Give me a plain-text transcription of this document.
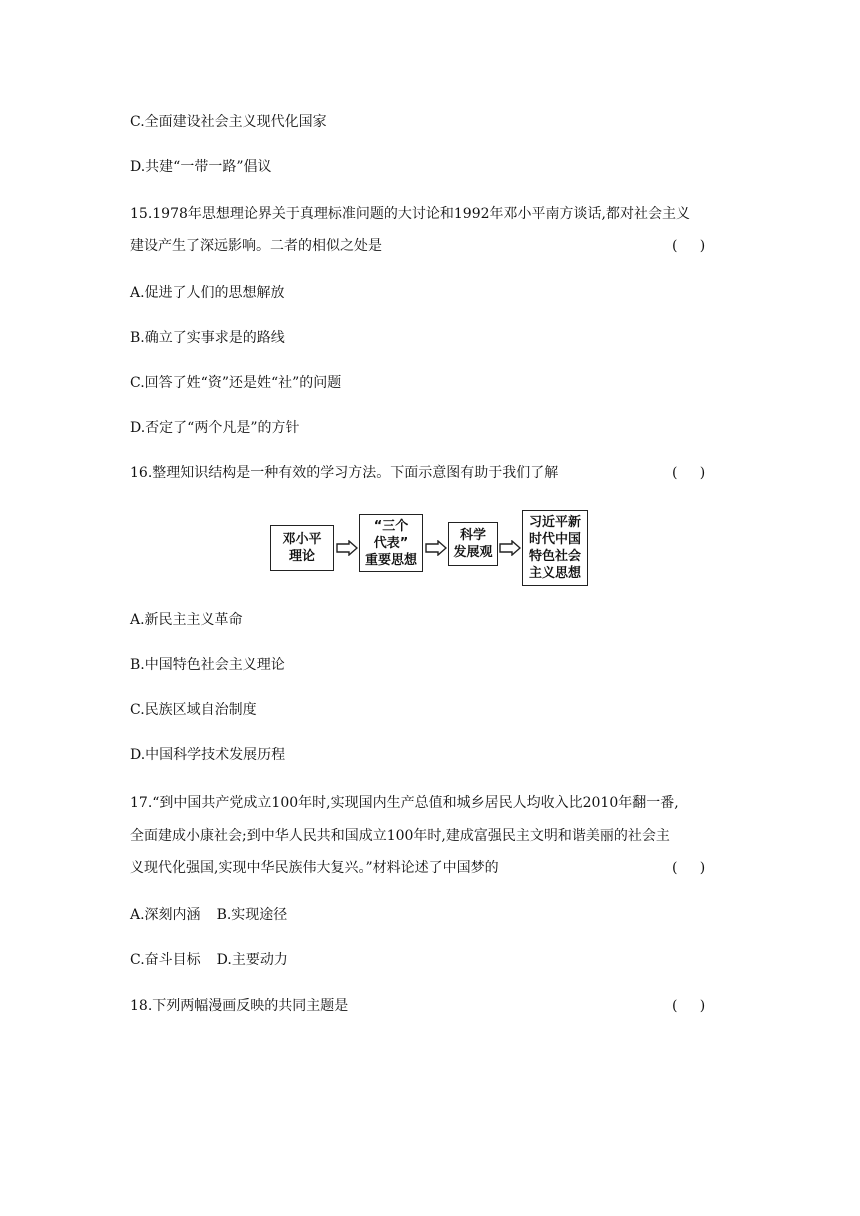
C.全面建设社会主义现代化国家
D.共建“一带一路”倡议
15.1978年思想理论界关于真理标准问题的大讨论和1992年邓小平南方谈话,都对社会主义
建设产生了深远影响。二者的相似之处是	(     )
A.促进了人们的思想解放
B.确立了实事求是的路线
C.回答了姓“资”还是姓“社”的问题
D.否定了“两个凡是”的方针
16.整理知识结构是一种有效的学习方法。下面示意图有助于我们了解	(     )
邓小平
理论
“三个
代表”
重要思想
科学
发展观
习近平新
时代中国
特色社会
主义思想
A.新民主主义革命
B.中国特色社会主义理论
C.民族区域自治制度
D.中国科学技术发展历程
17.“到中国共产党成立100年时,实现国内生产总值和城乡居民人均收入比2010年翻一番,
全面建成小康社会;到中华人民共和国成立100年时,建成富强民主文明和谐美丽的社会主
义现代化强国,实现中华民族伟大复兴。”材料论述了中国梦的	(     )
A.深刻内涵 B.实现途径
C.奋斗目标 D.主要动力
18.下列两幅漫画反映的共同主题是	(     )
